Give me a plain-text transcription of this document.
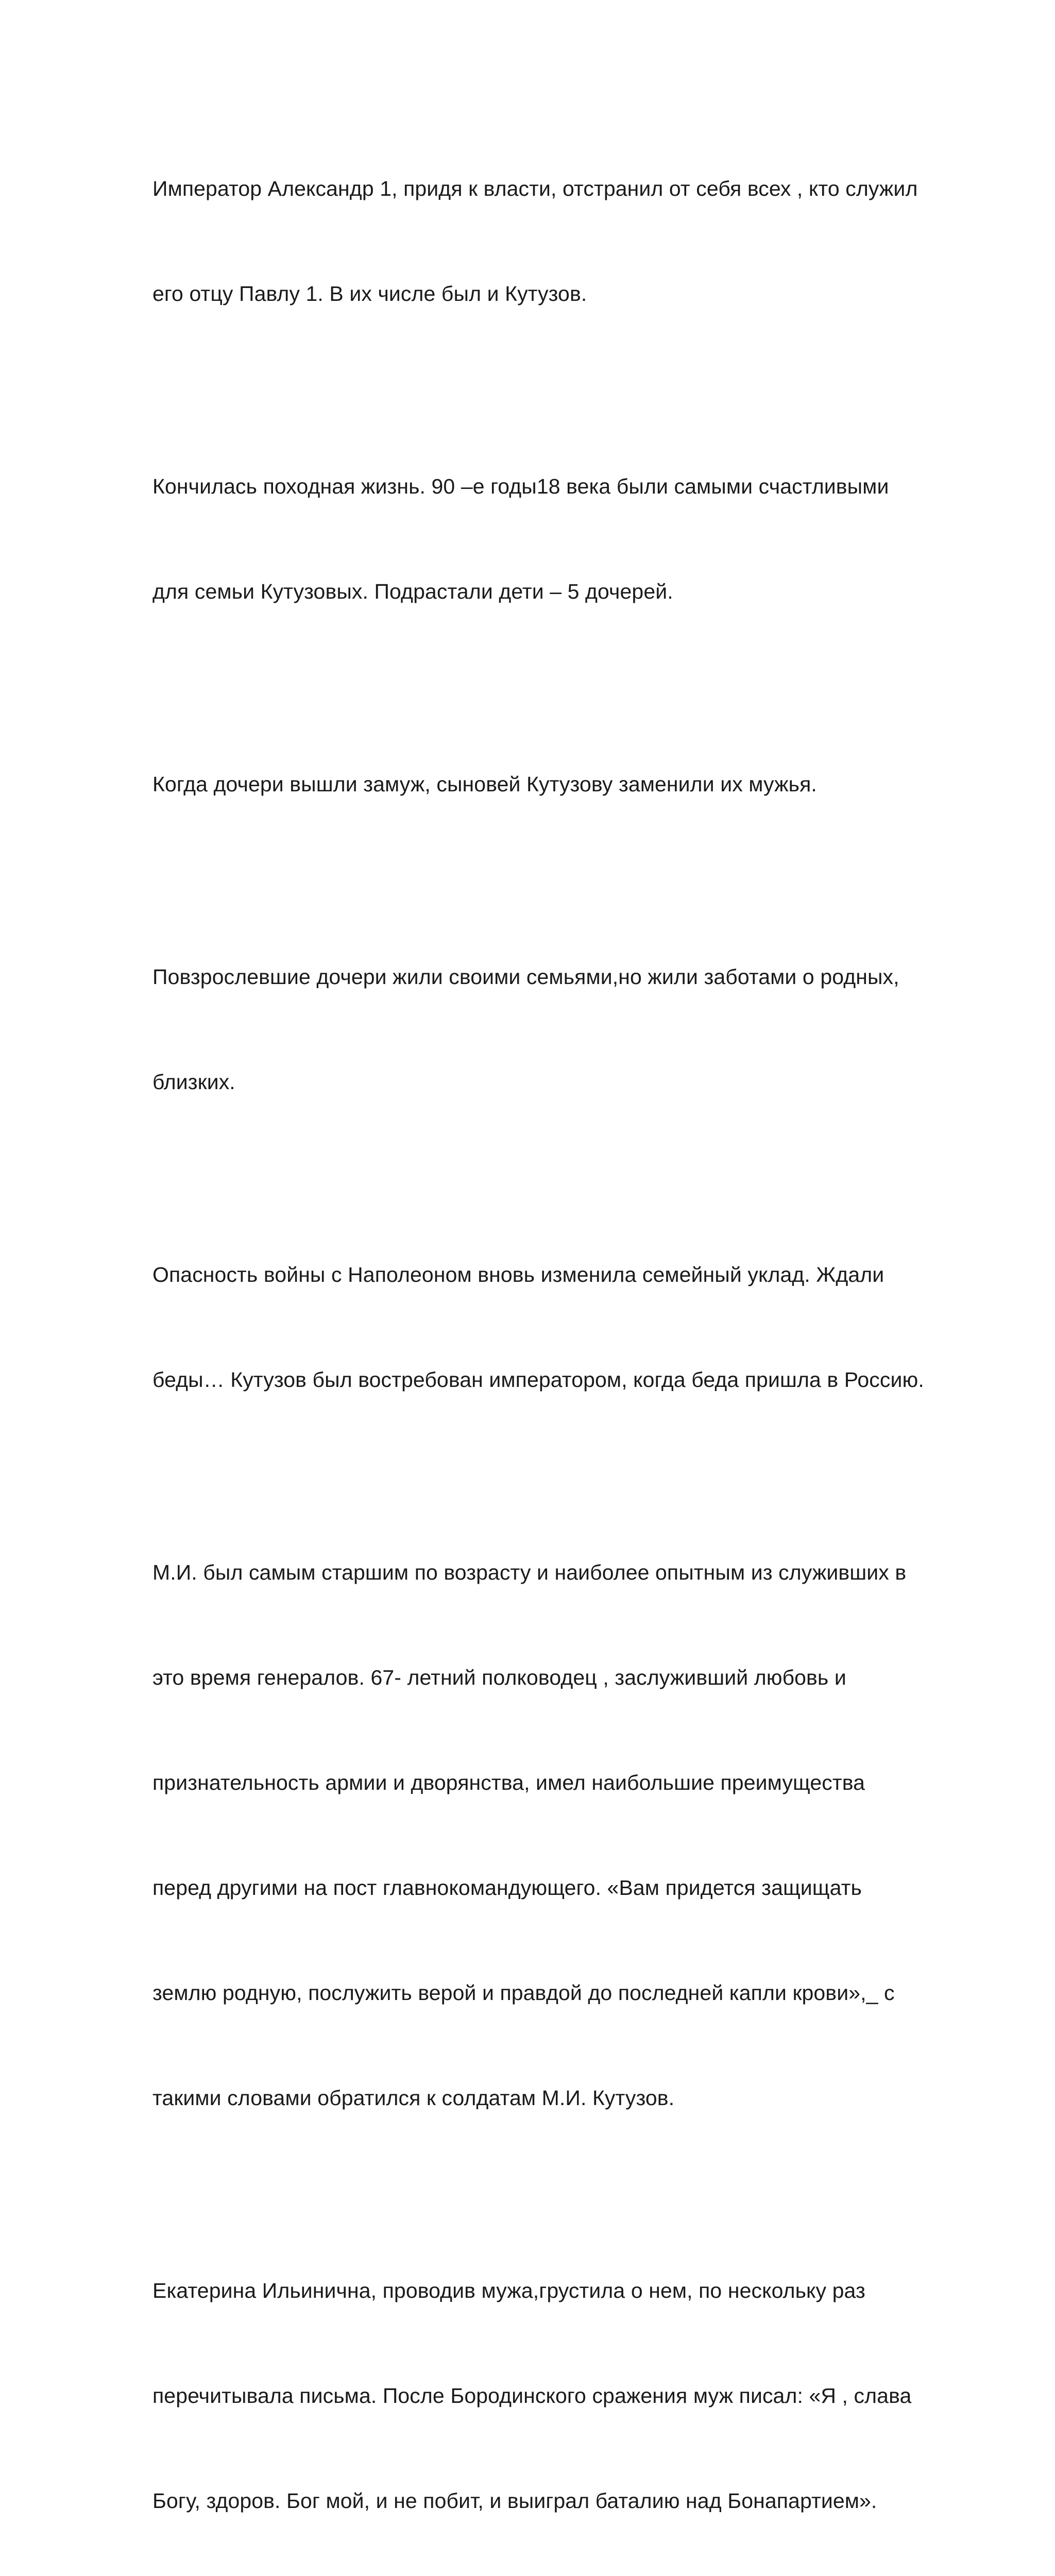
Император Александр 1, придя к власти, отстранил от себя всех , кто служил

его отцу Павлу 1. В их числе был и Кутузов.

Кончилась походная жизнь. 90 –е годы18 века были самыми счастливыми

для семьи Кутузовых. Подрастали дети – 5 дочерей.

Когда дочери вышли замуж, сыновей Кутузову заменили их мужья.

Повзрослевшие дочери жили своими семьями,но жили заботами о родных,

близких.

Опасность войны с Наполеоном вновь изменила семейный уклад. Ждали

беды… Кутузов был востребован императором, когда беда пришла в Россию.

М.И. был самым старшим по возрасту и наиболее опытным из служивших в

это время генералов. 67- летний полководец , заслуживший любовь и

признательность армии и дворянства, имел наибольшие преимущества

перед другими на пост главнокомандующего. «Вам придется защищать

землю родную, послужить верой и правдой до последней капли крови»,_ с

такими словами обратился к солдатам М.И. Кутузов.

Екатерина Ильинична, проводив мужа,грустила о нем, по нескольку раз

перечитывала письма. После Бородинского сражения муж писал: «Я , слава

Богу, здоров. Бог мой, и не побит, и выиграл баталию над Бонапартием».
